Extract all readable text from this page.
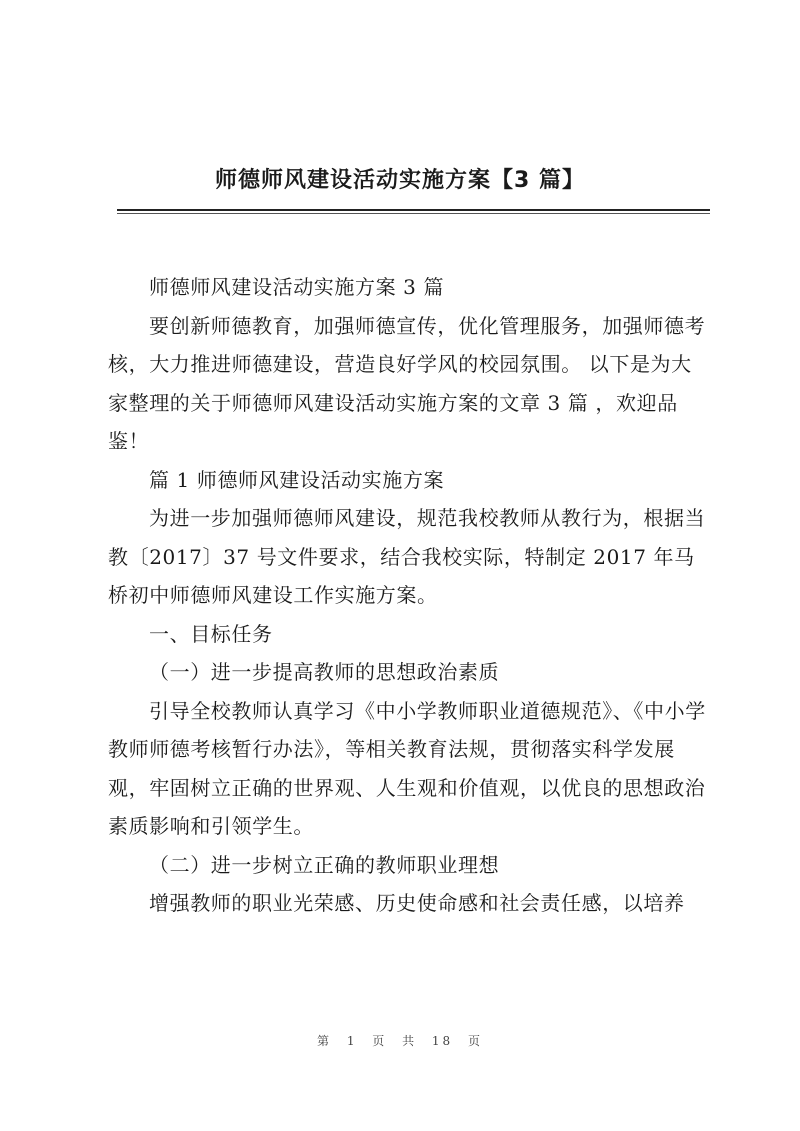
师德师风建设活动实施方案【3 篇】

师德师风建设活动实施方案 3 篇

要创新师德教育，加强师德宣传，优化管理服务，加强师德考核，大力推进师德建设，营造良好学风的校园氛围。 以下是为大家整理的关于师德师风建设活动实施方案的文章 3 篇 ，欢迎品鉴！

篇 1 师德师风建设活动实施方案

为进一步加强师德师风建设，规范我校教师从教行为，根据当教〔2017〕37 号文件要求，结合我校实际，特制定 2017 年马桥初中师德师风建设工作实施方案。

一、目标任务

（一）进一步提高教师的思想政治素质

引导全校教师认真学习《中小学教师职业道德规范》、《中小学教师师德考核暂行办法》，等相关教育法规，贯彻落实科学发展观，牢固树立正确的世界观、人生观和价值观，以优良的思想政治素质影响和引领学生。

（二）进一步树立正确的教师职业理想

增强教师的职业光荣感、历史使命感和社会责任感，以培养

第 1 页 共 18 页
